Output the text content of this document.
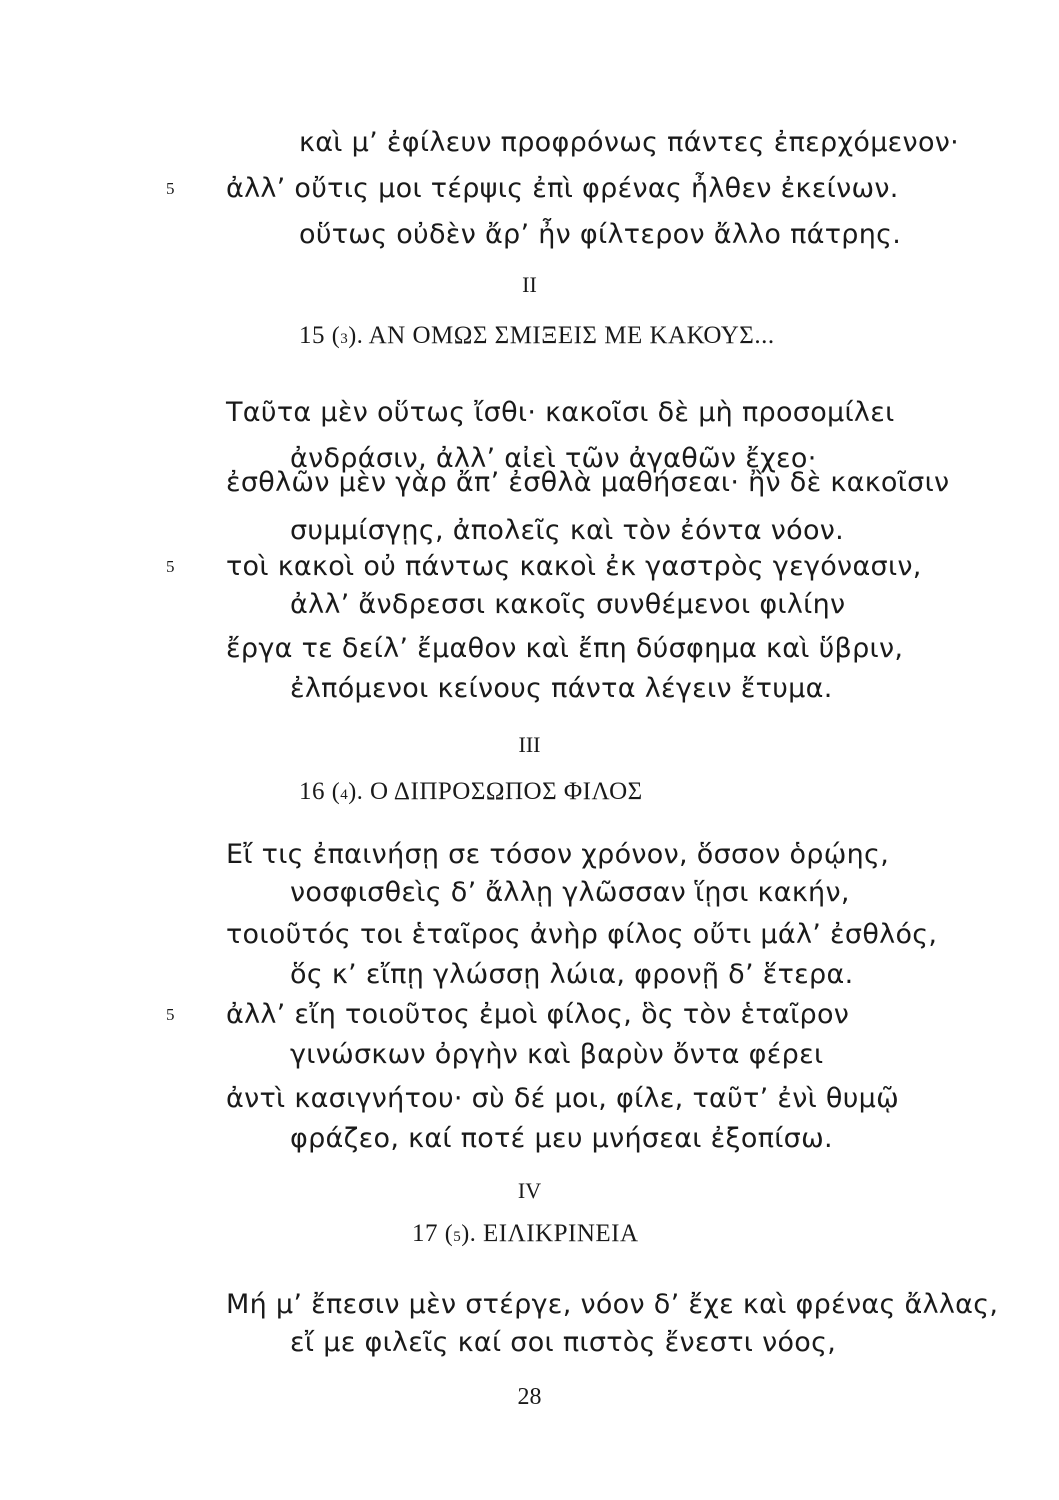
καὶ μ’ ἐφίλευν προφρόνως πάντες ἐπερχόμενον·
5 ἀλλ’ οὔτις μοι τέρψις ἐπὶ φρένας ἦλθεν ἐκείνων.
οὕτως οὐδὲν ἄρ’ ἦν φίλτερον ἄλλο πάτρης.
II
15 (3). ΑΝ ΟΜΩΣ ΣΜΙΞΕΙΣ ΜΕ ΚΑΚΟΥΣ...
Ταῦτα μὲν οὕτως ἴσθι· κακοῖσι δὲ μὴ προσομίλει
ἀνδράσιν, ἀλλ’ αἰεὶ τῶν ἀγαθῶν ἔχεο·
ἐσθλῶν μὲν γὰρ ἄπ’ ἐσθλὰ μαθήσεαι· ἢν δὲ κακοῖσιν
συμμίσγῃς, ἀπολεῖς καὶ τὸν ἐόντα νόον.
5 τοὶ κακοὶ οὐ πάντως κακοὶ ἐκ γαστρὸς γεγόνασιν,
ἀλλ’ ἄνδρεσσι κακοῖς συνθέμενοι φιλίην
ἔργα τε δείλ’ ἔμαθον καὶ ἔπη δύσφημα καὶ ὕβριν,
ἐλπόμενοι κείνους πάντα λέγειν ἔτυμα.
III
16 (4). Ο ΔΙΠΡΟΣΩΠΟΣ ΦΙΛΟΣ
Εἴ τις ἐπαινήσῃ σε τόσον χρόνον, ὅσσον ὁρῴης,
νοσφισθεὶς δ’ ἄλλῃ γλῶσσαν ἵῃσι κακήν,
τοιοῦτός τοι ἑταῖρος ἀνὴρ φίλος οὔτι μάλ’ ἐσθλός,
ὅς κ’ εἴπῃ γλώσσῃ λώια, φρονῇ δ’ ἕτερα.
5 ἀλλ’ εἴη τοιοῦτος ἐμοὶ φίλος, ὃς τὸν ἑταῖρον
γινώσκων ὀργὴν καὶ βαρὺν ὄντα φέρει
ἀντὶ κασιγνήτου· σὺ δέ μοι, φίλε, ταῦτ’ ἐνὶ θυμῷ
φράζεο, καί ποτέ μευ μνήσεαι ἐξοπίσω.
IV
17 (5). ΕΙΛΙΚΡΙΝΕΙΑ
Μή μ’ ἔπεσιν μὲν στέργε, νόον δ’ ἔχε καὶ φρένας ἄλλας,
εἴ με φιλεῖς καί σοι πιστὸς ἔνεστι νόος,
28
